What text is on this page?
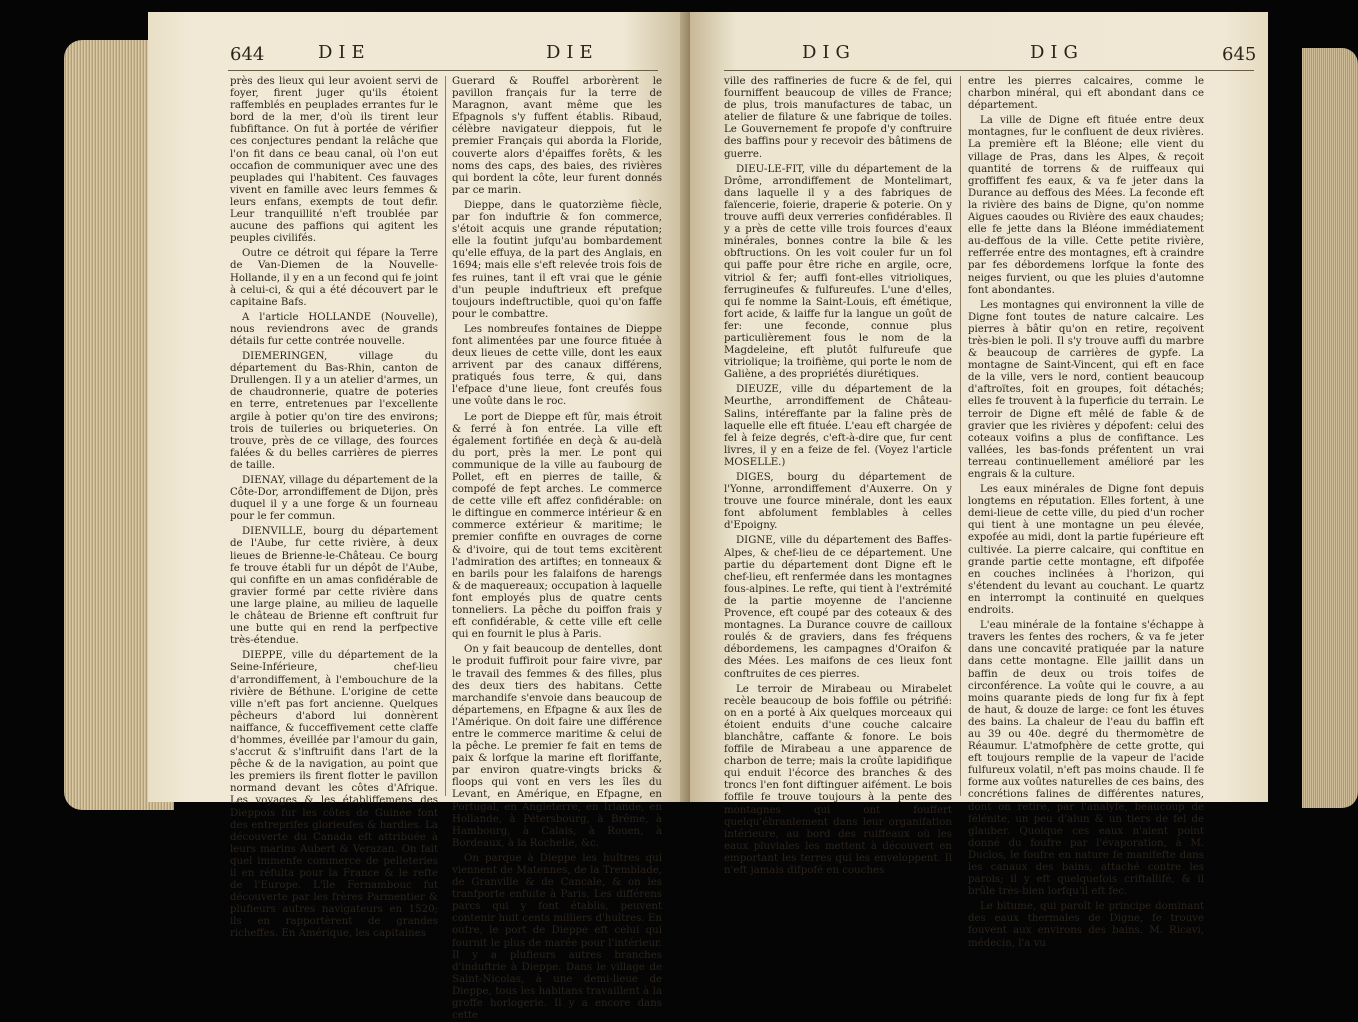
644	DIE	DIE

près des lieux qui leur avoient servi de foyer, firent juger qu'ils étoient raffemblés en peuplades errantes fur le bord de la mer, d'où ils tirent leur fubfiftance. On fut à portée de vérifier ces conjectures pendant la relâche que l'on fit dans ce beau canal, où l'on eut occafion de communiquer avec une des peuplades qui l'habitent. Ces fauvages vivent en famille avec leurs femmes & leurs enfans, exempts de tout defir. Leur tranquillité n'eft troublée par aucune des paffions qui agitent les peuples civilifés.

Outre ce détroit qui fépare la Terre de Van-Diemen de la Nouvelle-Hollande, il y en a un fecond qui fe joint à celui-ci, & qui a été découvert par le capitaine Bafs.

A l'article HOLLANDE (Nouvelle), nous reviendrons avec de grands détails fur cette contrée nouvelle.

DIEMERINGEN, village du département du Bas-Rhin, canton de Drullengen. Il y a un atelier d'armes, un de chaudronnerie, quatre de poteries en terre, entretenues par l'excellente argile à potier qu'on tire des environs; trois de tuileries ou briqueteries. On trouve, près de ce village, des fources falées & du belles carrières de pierres de taille.

DIENAY, village du département de la Côte-Dor, arrondiffement de Dijon, près duquel il y a une forge & un fourneau pour le fer commun.

DIENVILLE, bourg du département de l'Aube, fur cette rivière, à deux lieues de Brienne-le-Château. Ce bourg fe trouve établi fur un dépôt de l'Aube, qui confifte en un amas confidérable de gravier formé par cette rivière dans une large plaine, au milieu de laquelle le château de Brienne eft conftruit fur une butte qui en rend la perfpective très-étendue.

DIEPPE, ville du département de la Seine-Inférieure, chef-lieu d'arrondiffement, à l'embouchure de la rivière de Béthune. L'origine de cette ville n'eft pas fort ancienne. Quelques pêcheurs d'abord lui donnèrent naiffance, & fucceffivement cette claffe d'hommes, éveillée par l'amour du gain, s'accrut & s'inftruifit dans l'art de la pêche & de la navigation, au point que les premiers ils firent flotter le pavillon normand devant les côtes d'Afrique. Les voyages & les établiffemens des Dieppois fur les côtes de Guinée font des entreprifes glorieufes & hardies. La découverte du Canada eft attribuée à leurs marins Aubert & Verazan. On fait quel immenfe commerce de pelleteries il en réfulta pour la France & le refte de l'Europe. L'île Fernambouc fut découverte par les frères Parmentier & plufieurs autres navigateurs en 1520; ils en rapportèrent de grandes richeffes. En Amérique, les capitaines

Guerard & Rouffel arborèrent le pavillon français fur la terre de Maragnon, avant même que les Efpagnols s'y fuffent établis. Ribaud, célèbre navigateur dieppois, fut le premier Français qui aborda la Floride, couverte alors d'épaiffes forêts, & les noms des caps, des baies, des rivières qui bordent la côte, leur furent donnés par ce marin.

Dieppe, dans le quatorzième fiècle, par fon induftrie & fon commerce, s'étoit acquis une grande réputation; elle la foutint jufqu'au bombardement qu'elle effuya, de la part des Anglais, en 1694; mais elle s'eft relevée trois fois de fes ruines, tant il eft vrai que le génie d'un peuple induftrieux eft prefque toujours indeftructible, quoi qu'on faffe pour le combattre.

Les nombreufes fontaines de Dieppe font alimentées par une fource fituée à deux lieues de cette ville, dont les eaux arrivent par des canaux différens, pratiqués fous terre, & qui, dans l'efpace d'une lieue, font creufés fous une voûte dans le roc.

Le port de Dieppe eft fûr, mais étroit & ferré à fon entrée. La ville eft également fortifiée en deçà & au-delà du port, près la mer. Le pont qui communique de la ville au faubourg de Pollet, eft en pierres de taille, & compofé de fept arches. Le commerce de cette ville eft affez confidérable: on le diftingue en commerce intérieur & en commerce extérieur & maritime; le premier confifte en ouvrages de corne & d'ivoire, qui de tout tems excitèrent l'admiration des artiftes; en tonneaux & en barils pour les falaifons de harengs & de maquereaux; occupation à laquelle font employés plus de quatre cents tonneliers. La pêche du poiffon frais y eft confidérable, & cette ville eft celle qui en fournit le plus à Paris.

On y fait beaucoup de dentelles, dont le produit fuffiroit pour faire vivre, par le travail des femmes & des filles, plus des deux tiers des habitans. Cette marchandife s'envoie dans beaucoup de départemens, en Efpagne & aux îles de l'Amérique. On doit faire une différence entre le commerce maritime & celui de la pêche. Le premier fe fait en tems de paix & lorfque la marine eft floriffante, par environ quatre-vingts bricks & floops qui vont en vers les îles du Levant, en Amérique, en Efpagne, en Portugal, en Angleterre, en Irlande, en Hollande, à Pétersbourg, à Brême, à Hambourg, à Calais, à Rouen, à Bordeaux, à la Rochelle, &c.

On parque à Dieppe les huîtres qui viennent de Matennes, de la Tremblade, de Granville & de Cancale, & on les tranfporte enfuite à Paris. Les différens parcs qui y font établis, peuvent contenir huit cents milliers d'huîtres. En outre, le port de Dieppe eft celui qui fournit le plus de marée pour l'intérieur. Il y a plufieurs autres branches d'induftrie à Dieppe. Dans le village de Saint-Nicolas, à une demi-lieue de Dieppe, tous les habitans travaillent à la groffe horlogerie. Il y a encore dans cette

DIG	DIG	645

ville des raffineries de fucre & de fel, qui fourniffent beaucoup de villes de France; de plus, trois manufactures de tabac, un atelier de filature & une fabrique de toiles. Le Gouvernement fe propofe d'y conftruire des baffins pour y recevoir des bâtimens de guerre.

DIEU-LE-FIT, ville du département de la Drôme, arrondiffement de Montelimart, dans laquelle il y a des fabriques de faïencerie, foierie, draperie & poterie. On y trouve auffi deux verreries confidérables. Il y a près de cette ville trois fources d'eaux minérales, bonnes contre la bile & les obftructions. On les voit couler fur un fol qui paffe pour être riche en argile, ocre, vitriol & fer; auffi font-elles vitrioliques, ferrugineufes & fulfureufes. L'une d'elles, qui fe nomme la Saint-Louis, eft émétique, fort acide, & laiffe fur la langue un goût de fer: une feconde, connue plus particulièrement fous le nom de la Magdeleine, eft plutôt fulfureufe que vitriolique; la troifième, qui porte le nom de Galiène, a des propriétés diurétiques.

DIEUZE, ville du département de la Meurthe, arrondiffement de Château-Salins, intéreffante par la faline près de laquelle elle eft fituée. L'eau eft chargée de fel à feize degrés, c'eft-à-dire que, fur cent livres, il y en a feize de fel. (Voyez l'article MOSELLE.)

DIGES, bourg du département de l'Yonne, arrondiffement d'Auxerre. On y trouve une fource minérale, dont les eaux font abfolument femblables à celles d'Epoigny.

DIGNE, ville du département des Baffes-Alpes, & chef-lieu de ce département. Une partie du département dont Digne eft le chef-lieu, eft renfermée dans les montagnes fous-alpines. Le refte, qui tient à l'extrémité de la partie moyenne de l'ancienne Provence, eft coupé par des coteaux & des montagnes. La Durance couvre de cailloux roulés & de graviers, dans fes fréquens débordemens, les campagnes d'Oraifon & des Mées. Les maifons de ces lieux font conftruites de ces pierres.

Le terroir de Mirabeau ou Mirabelet recèle beaucoup de bois foffile ou pétrifié: on en a porté à Aix quelques morceaux qui étoient enduits d'une couche calcaire blanchâtre, caffante & fonore. Le bois foffile de Mirabeau a une apparence de charbon de terre; mais la croûte lapidifique qui enduit l'écorce des branches & des troncs l'en font diftinguer aifément. Le bois foffile fe trouve toujours à la pente des montagnes qui ont fouffert quelqu'ébranlement dans leur organifation intérieure, au bord des ruiffeaux où les eaux pluviales les mettent à découvert en emportant les terres qui les enveloppent. Il n'eft jamais difpofé en couches

entre les pierres calcaires, comme le charbon minéral, qui eft abondant dans ce département.

La ville de Digne eft fituée entre deux montagnes, fur le confluent de deux rivières. La première eft la Bléone; elle vient du village de Pras, dans les Alpes, & reçoit quantité de torrens & de ruiffeaux qui groffiffent fes eaux, & va fe jeter dans la Durance au deffous des Mées. La feconde eft la rivière des bains de Digne, qu'on nomme Aigues caoudes ou Rivière des eaux chaudes; elle fe jette dans la Bléone immédiatement au-deffous de la ville. Cette petite rivière, refferrée entre des montagnes, eft à craindre par fes débordemens lorfque la fonte des neiges furvient, ou que les pluies d'automne font abondantes.

Les montagnes qui environnent la ville de Digne font toutes de nature calcaire. Les pierres à bâtir qu'on en retire, reçoivent très-bien le poli. Il s'y trouve auffi du marbre & beaucoup de carrières de gypfe. La montagne de Saint-Vincent, qui eft en face de la ville, vers le nord, contient beaucoup d'aftroïtes, foit en groupes, foit détachés; elles fe trouvent à la fuperficie du terrain. Le terroir de Digne eft mêlé de fable & de gravier que les rivières y dépofent: celui des coteaux voifins a plus de confiftance. Les vallées, les bas-fonds préfentent un vrai terreau continuellement amélioré par les engrais & la culture.

Les eaux minérales de Digne font depuis longtems en réputation. Elles fortent, à une demi-lieue de cette ville, du pied d'un rocher qui tient à une montagne un peu élevée, expofée au midi, dont la partie fupérieure eft cultivée. La pierre calcaire, qui conftitue en grande partie cette montagne, eft difpofée en couches inclinées à l'horizon, qui s'étendent du levant au couchant. Le quartz en interrompt la continuité en quelques endroits.

L'eau minérale de la fontaine s'échappe à travers les fentes des rochers, & va fe jeter dans une concavité pratiquée par la nature dans cette montagne. Elle jaillit dans un baffin de deux ou trois toifes de circonférence. La voûte qui le couvre, a au moins quarante pieds de long fur fix à fept de haut, & douze de large: ce font les étuves des bains. La chaleur de l'eau du baffin eft au 39 ou 40e. degré du thermomètre de Réaumur. L'atmofphère de cette grotte, qui eft toujours remplie de la vapeur de l'acide fulfureux volatil, n'eft pas moins chaude. Il fe forme aux voûtes naturelles de ces bains, des concrétions falines de différentes natures, dont on retire, par l'analyfe, beaucoup de félénite, un peu d'alun & un tiers de fel de glauber. Quoique ces eaux n'aient point donné du foufre par l'évaporation, à M. Duclos, le foufre en nature fe manifefte dans les canaux des bains, attaché contre les parois; il y eft quelquefois criftallifé, & il brûle très-bien lorfqu'il eft fec.

Le bitume, qui paroît le principe dominant des eaux thermales de Digne, fe trouve fouvent aux environs des bains. M. Ricavi, médecin, l'a vu
